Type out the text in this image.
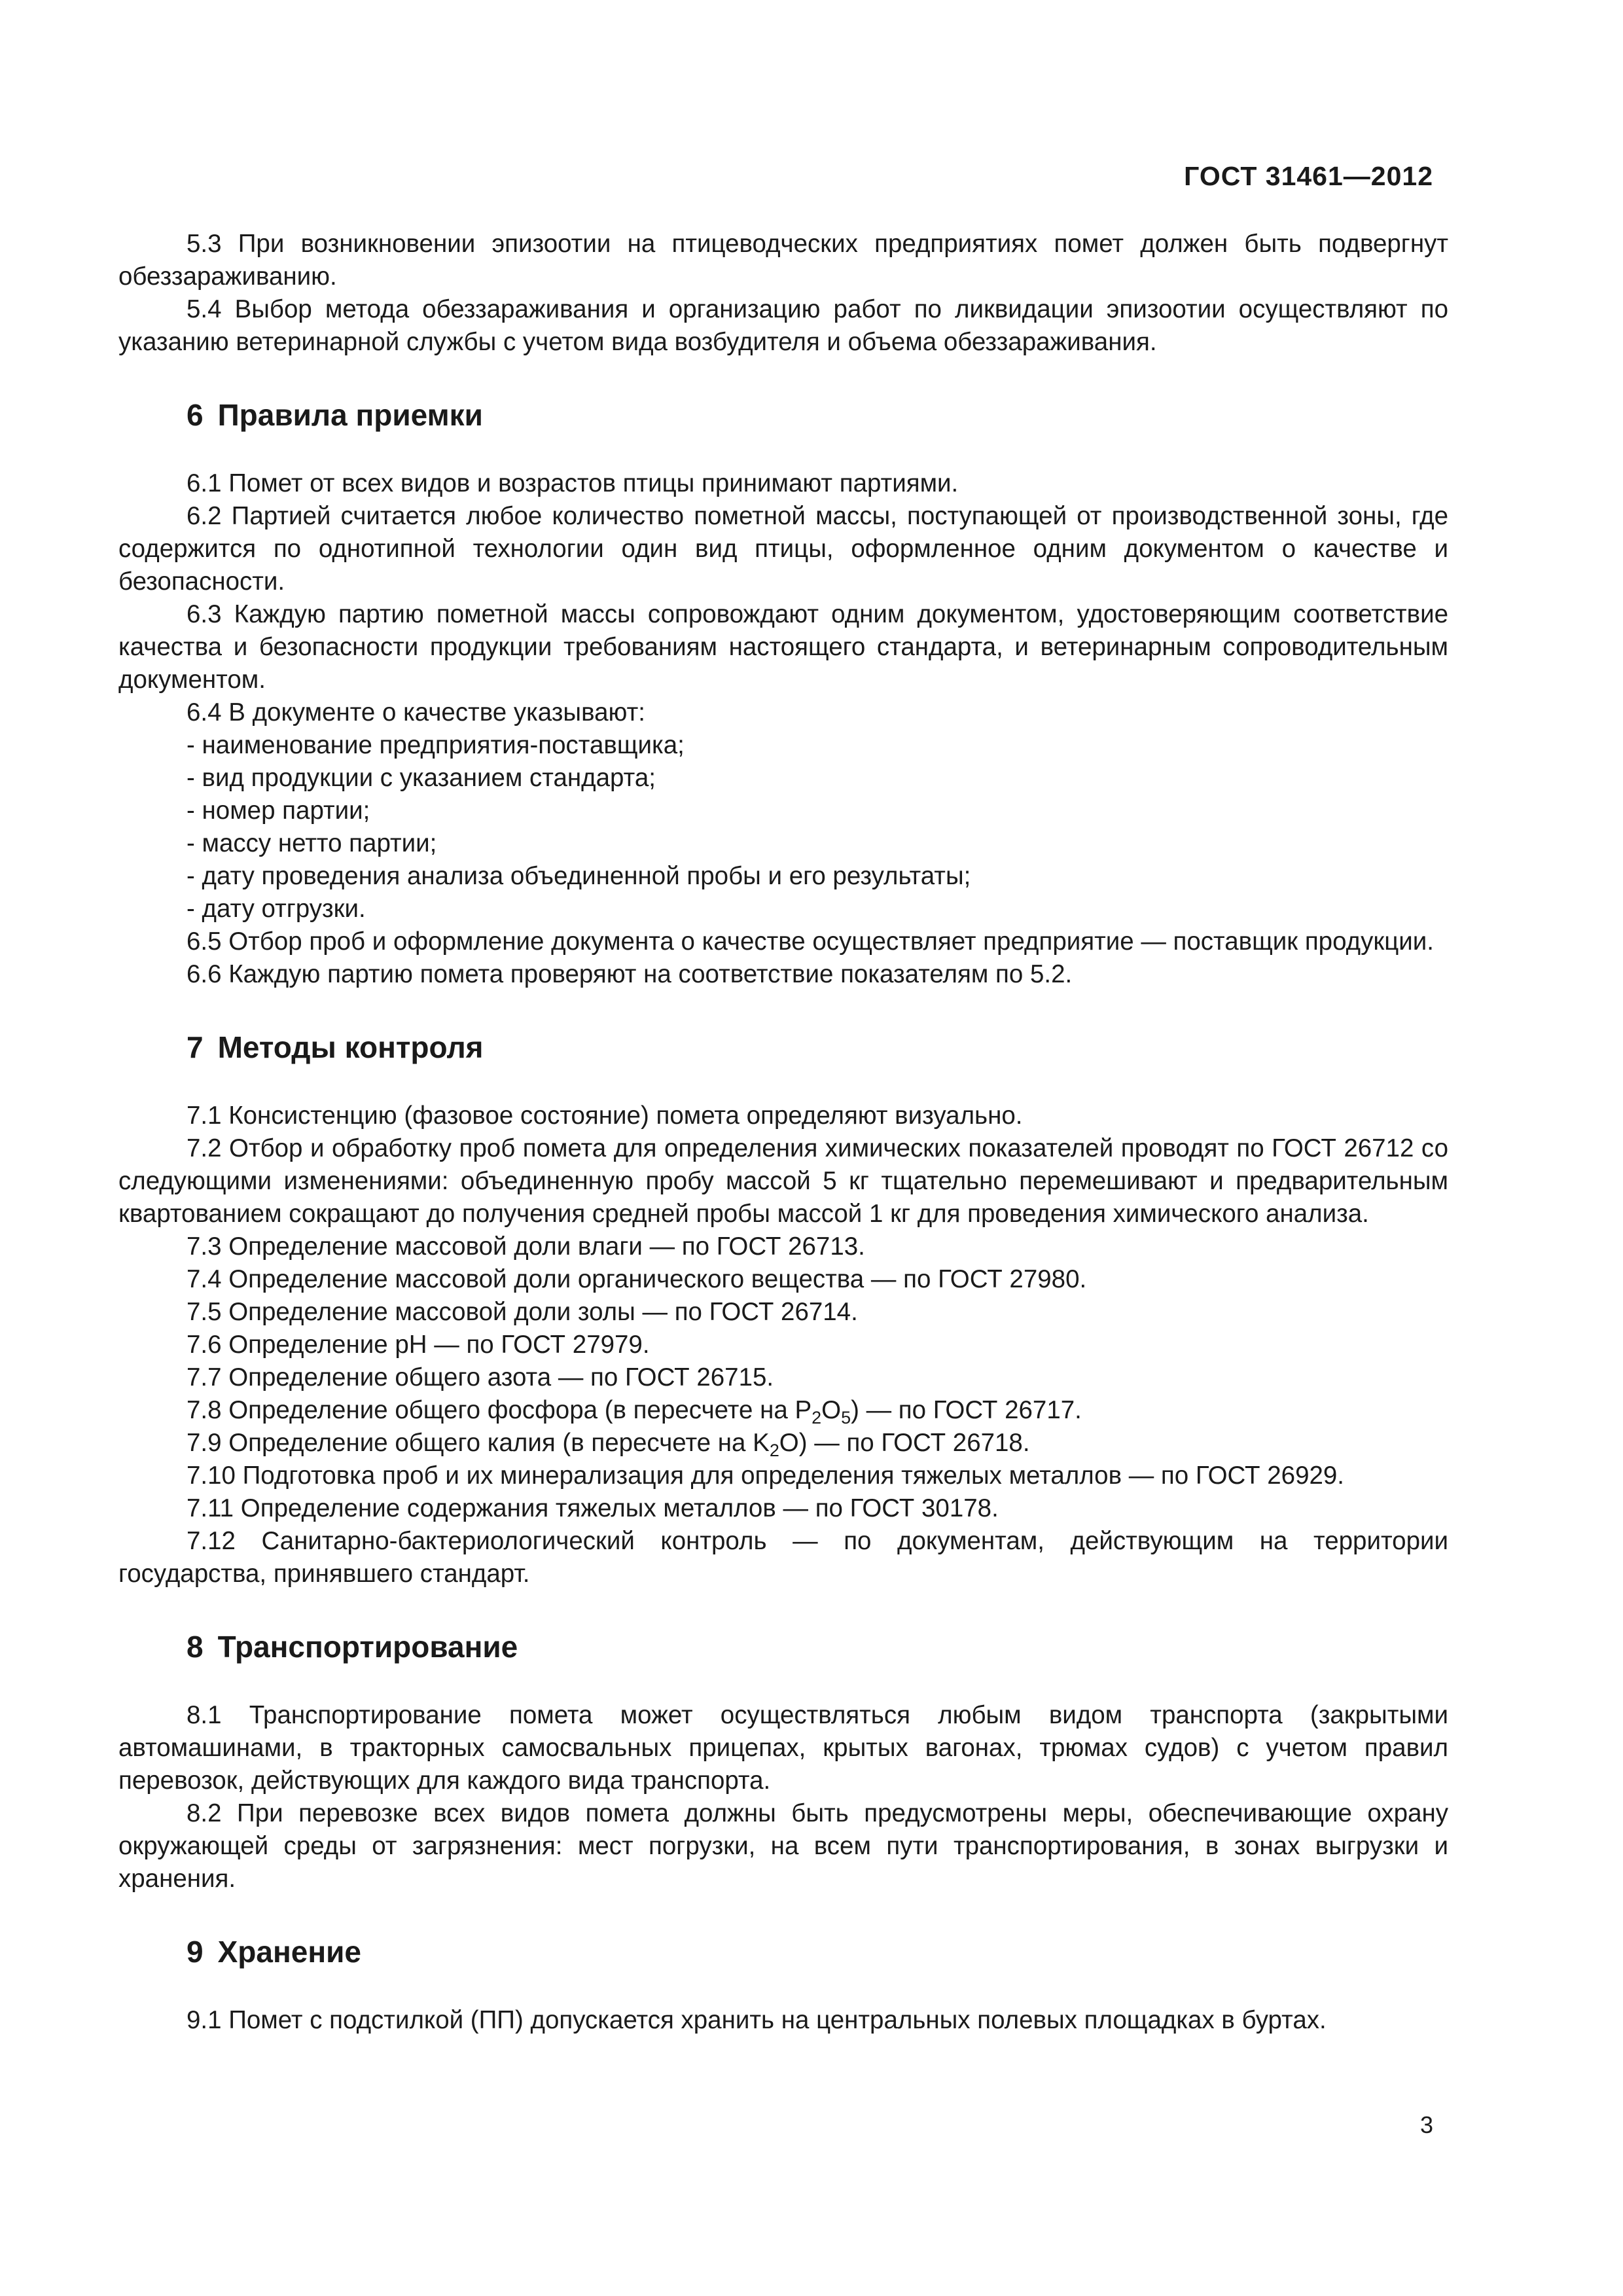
ГОСТ 31461—2012

5.3 При возникновении эпизоотии на птицеводческих предприятиях помет должен быть подвергнут обеззараживанию.

5.4 Выбор метода обеззараживания и организацию работ по ликвидации эпизоотии осуществляют по указанию ветеринарной службы с учетом вида возбудителя и объема обеззараживания.

6 Правила приемки

6.1 Помет от всех видов и возрастов птицы принимают партиями.

6.2 Партией считается любое количество пометной массы, поступающей от производственной зоны, где содержится по однотипной технологии один вид птицы, оформленное одним документом о качестве и безопасности.

6.3 Каждую партию пометной массы сопровождают одним документом, удостоверяющим соответствие качества и безопасности продукции требованиям настоящего стандарта, и ветеринарным сопроводительным документом.

6.4 В документе о качестве указывают:

- наименование предприятия-поставщика;

- вид продукции с указанием стандарта;

- номер партии;

- массу нетто партии;

- дату проведения анализа объединенной пробы и его результаты;

- дату отгрузки.

6.5 Отбор проб и оформление документа о качестве осуществляет предприятие — поставщик продукции.

6.6 Каждую партию помета проверяют на соответствие показателям по 5.2.

7 Методы контроля

7.1 Консистенцию (фазовое состояние) помета определяют визуально.

7.2 Отбор и обработку проб помета для определения химических показателей проводят по ГОСТ 26712 со следующими изменениями: объединенную пробу массой 5 кг тщательно перемешивают и предварительным квартованием сокращают до получения средней пробы массой 1 кг для проведения химического анализа.

7.3 Определение массовой доли влаги — по ГОСТ 26713.

7.4 Определение массовой доли органического вещества — по ГОСТ 27980.

7.5 Определение массовой доли золы — по ГОСТ 26714.

7.6 Определение pH — по ГОСТ 27979.

7.7 Определение общего азота — по ГОСТ 26715.

7.8 Определение общего фосфора (в пересчете на $P_2O_5$) — по ГОСТ 26717.

7.9 Определение общего калия (в пересчете на $K_2O$) — по ГОСТ 26718.

7.10 Подготовка проб и их минерализация для определения тяжелых металлов — по ГОСТ 26929.

7.11 Определение содержания тяжелых металлов — по ГОСТ 30178.

7.12 Санитарно-бактериологический контроль — по документам, действующим на территории государства, принявшего стандарт.

8 Транспортирование

8.1 Транспортирование помета может осуществляться любым видом транспорта (закрытыми автомашинами, в тракторных самосвальных прицепах, крытых вагонах, трюмах судов) с учетом правил перевозок, действующих для каждого вида транспорта.

8.2 При перевозке всех видов помета должны быть предусмотрены меры, обеспечивающие охрану окружающей среды от загрязнения: мест погрузки, на всем пути транспортирования, в зонах выгрузки и хранения.

9 Хранение

9.1 Помет с подстилкой (ПП) допускается хранить на центральных полевых площадках в буртах.

3
